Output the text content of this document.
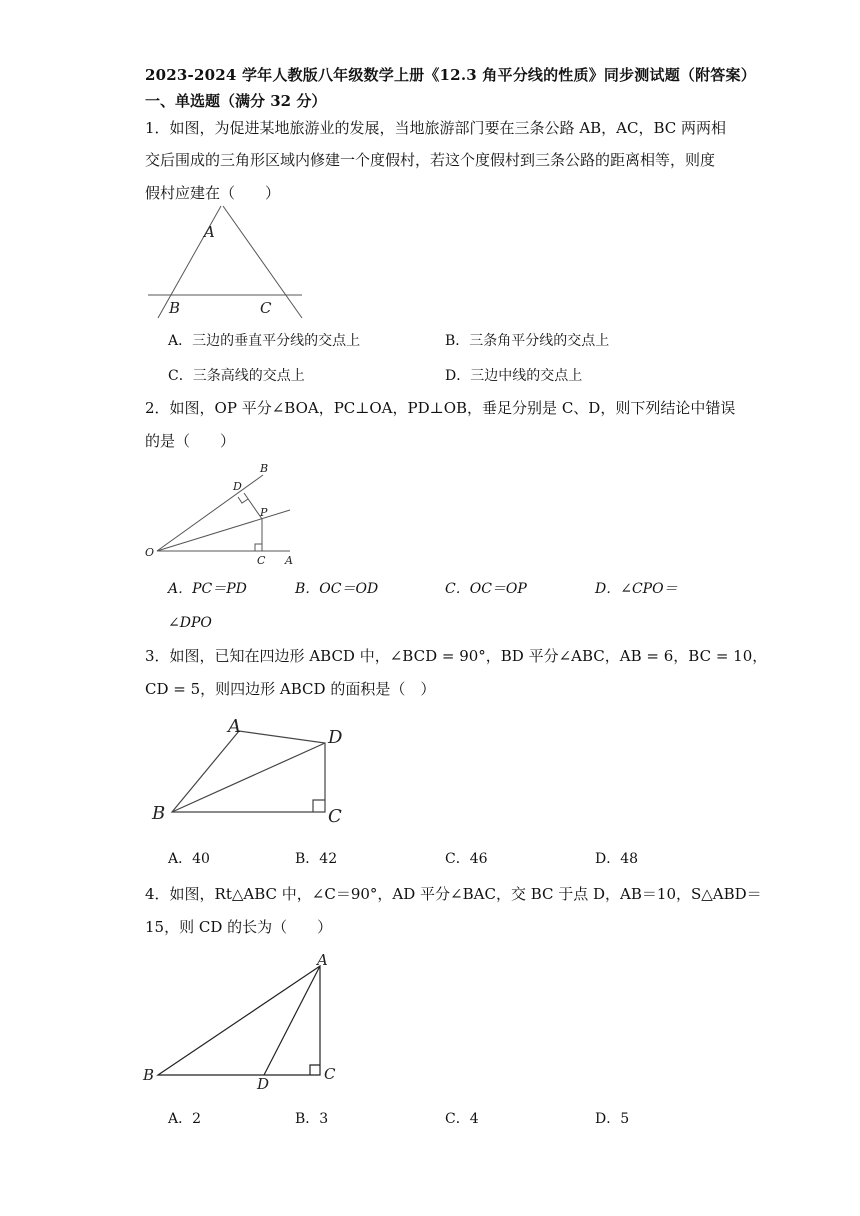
2023-2024 学年人教版八年级数学上册《12.3 角平分线的性质》同步测试题（附答案）
一、单选题（满分 32 分）
1．如图，为促进某地旅游业的发展，当地旅游部门要在三条公路 AB，AC，BC 两两相
交后围成的三角形区域内修建一个度假村，若这个度假村到三条公路的距离相等，则度
假村应建在（　　）
A
B	C
A．三边的垂直平分线的交点上	B．三条角平分线的交点上
C．三条高线的交点上	D．三边中线的交点上
2．如图，OP 平分∠BOA，PC⊥OA，PD⊥OB，垂足分别是 C、D，则下列结论中错误
的是（　　）
O
A
B
C
D
P
A．PC＝PD	B．OC＝OD	C．OC＝OP	D．∠CPO＝
∠DPO
3．如图，已知在四边形 ABCD 中，∠BCD = 90°，BD 平分∠ABC，AB = 6，BC = 10，
CD = 5，则四边形 ABCD 的面积是（　）
A
B	C
D
A．40	B．42	C．46	D．48
4．如图，Rt△ABC 中，∠C＝90°，AD 平分∠BAC，交 BC 于点 D，AB＝10，S△ABD＝
15，则 CD 的长为（　　）
A
B	C
D
A．2	B．3	C．4	D．5
